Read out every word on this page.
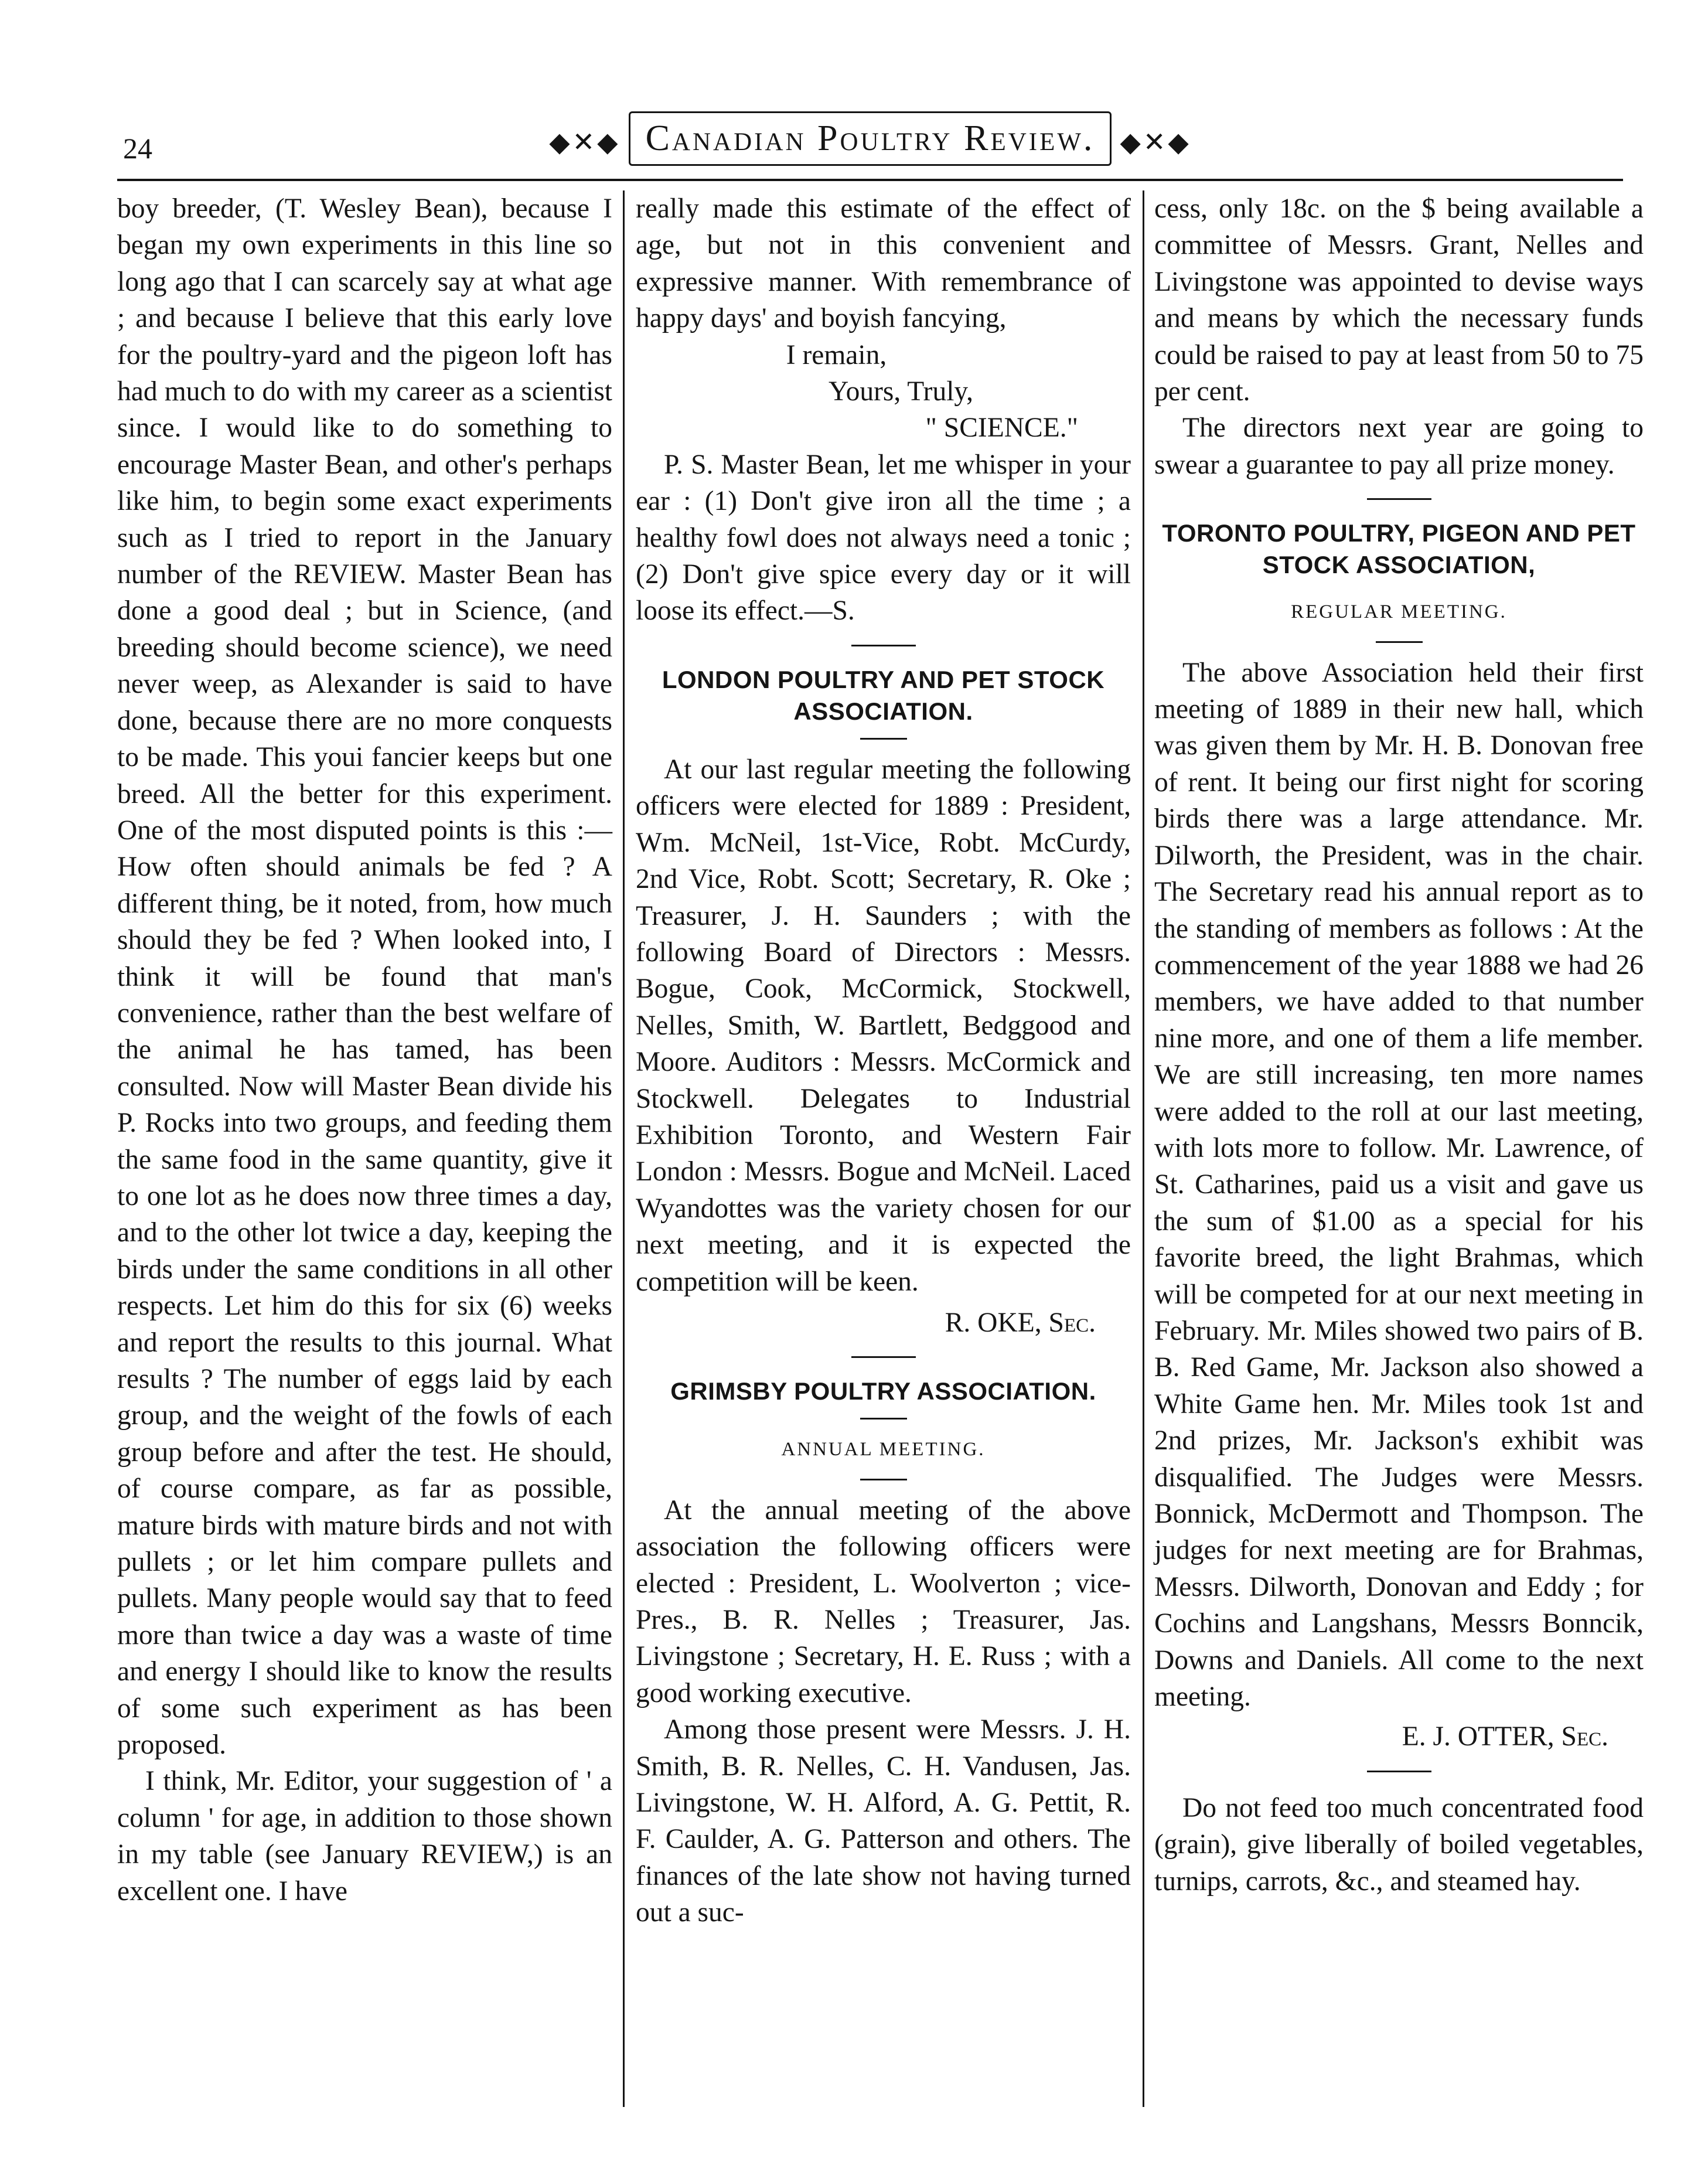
24	◆✕◆ Canadian Poultry Review. ◆✕◆

boy breeder, (T. Wesley Bean), because I began my own experiments in this line so long ago that I can scarcely say at what age ; and because I believe that this early love for the poultry-yard and the pigeon loft has had much to do with my career as a scientist since. I would like to do something to encourage Master Bean, and other's perhaps like him, to begin some exact experiments such as I tried to report in the January number of the REVIEW. Master Bean has done a good deal ; but in Science, (and breeding should become science), we need never weep, as Alexander is said to have done, because there are no more conquests to be made. This youi fancier keeps but one breed. All the better for this experiment. One of the most disputed points is this :—How often should animals be fed ? A different thing, be it noted, from, how much should they be fed ? When looked into, I think it will be found that man's convenience, rather than the best welfare of the animal he has tamed, has been consulted. Now will Master Bean divide his P. Rocks into two groups, and feeding them the same food in the same quantity, give it to one lot as he does now three times a day, and to the other lot twice a day, keeping the birds under the same conditions in all other respects. Let him do this for six (6) weeks and report the results to this journal. What results ? The number of eggs laid by each group, and the weight of the fowls of each group before and after the test. He should, of course compare, as far as possible, mature birds with mature birds and not with pullets ; or let him compare pullets and pullets. Many people would say that to feed more than twice a day was a waste of time and energy I should like to know the results of some such experiment as has been proposed.

I think, Mr. Editor, your suggestion of ' a column ' for age, in addition to those shown in my table (see January REVIEW,) is an excellent one. I have

really made this estimate of the effect of age, but not in this convenient and expressive manner. With remembrance of happy days' and boyish fancying,

I remain,

Yours, Truly,

" SCIENCE."

P. S. Master Bean, let me whisper in your ear : (1) Don't give iron all the time ; a healthy fowl does not always need a tonic ; (2) Don't give spice every day or it will loose its effect.—S.

LONDON POULTRY AND PET STOCK ASSOCIATION.

At our last regular meeting the following officers were elected for 1889 : President, Wm. McNeil, 1st-Vice, Robt. McCurdy, 2nd Vice, Robt. Scott; Secretary, R. Oke ; Treasurer, J. H. Saunders ; with the following Board of Directors : Messrs. Bogue, Cook, McCormick, Stockwell, Nelles, Smith, W. Bartlett, Bedggood and Moore. Auditors : Messrs. McCormick and Stockwell. Delegates to Industrial Exhibition Toronto, and Western Fair London : Messrs. Bogue and McNeil. Laced Wyandottes was the variety chosen for our next meeting, and it is expected the competition will be keen.

R. OKE, Sec.

GRIMSBY POULTRY ASSOCIATION.
ANNUAL MEETING.

At the annual meeting of the above association the following officers were elected : President, L. Woolverton ; vice-Pres., B. R. Nelles ; Treasurer, Jas. Livingstone ; Secretary, H. E. Russ ; with a good working executive.

Among those present were Messrs. J. H. Smith, B. R. Nelles, C. H. Vandusen, Jas. Livingstone, W. H. Alford, A. G. Pettit, R. F. Caulder, A. G. Patterson and others. The finances of the late show not having turned out a suc-

cess, only 18c. on the $ being available a committee of Messrs. Grant, Nelles and Livingstone was appointed to devise ways and means by which the necessary funds could be raised to pay at least from 50 to 75 per cent.

The directors next year are going to swear a guarantee to pay all prize money.

TORONTO POULTRY, PIGEON AND PET STOCK ASSOCIATION,
REGULAR MEETING.

The above Association held their first meeting of 1889 in their new hall, which was given them by Mr. H. B. Donovan free of rent. It being our first night for scoring birds there was a large attendance. Mr. Dilworth, the President, was in the chair. The Secretary read his annual report as to the standing of members as follows : At the commencement of the year 1888 we had 26 members, we have added to that number nine more, and one of them a life member. We are still increasing, ten more names were added to the roll at our last meeting, with lots more to follow. Mr. Lawrence, of St. Catharines, paid us a visit and gave us the sum of $1.00 as a special for his favorite breed, the light Brahmas, which will be competed for at our next meeting in February. Mr. Miles showed two pairs of B. B. Red Game, Mr. Jackson also showed a White Game hen. Mr. Miles took 1st and 2nd prizes, Mr. Jackson's exhibit was disqualified. The Judges were Messrs. Bonnick, McDermott and Thompson. The judges for next meeting are for Brahmas, Messrs. Dilworth, Donovan and Eddy ; for Cochins and Langshans, Messrs Bonncik, Downs and Daniels. All come to the next meeting.

E. J. OTTER, Sec.

Do not feed too much concentrated food (grain), give liberally of boiled vegetables, turnips, carrots, &c., and steamed hay.
